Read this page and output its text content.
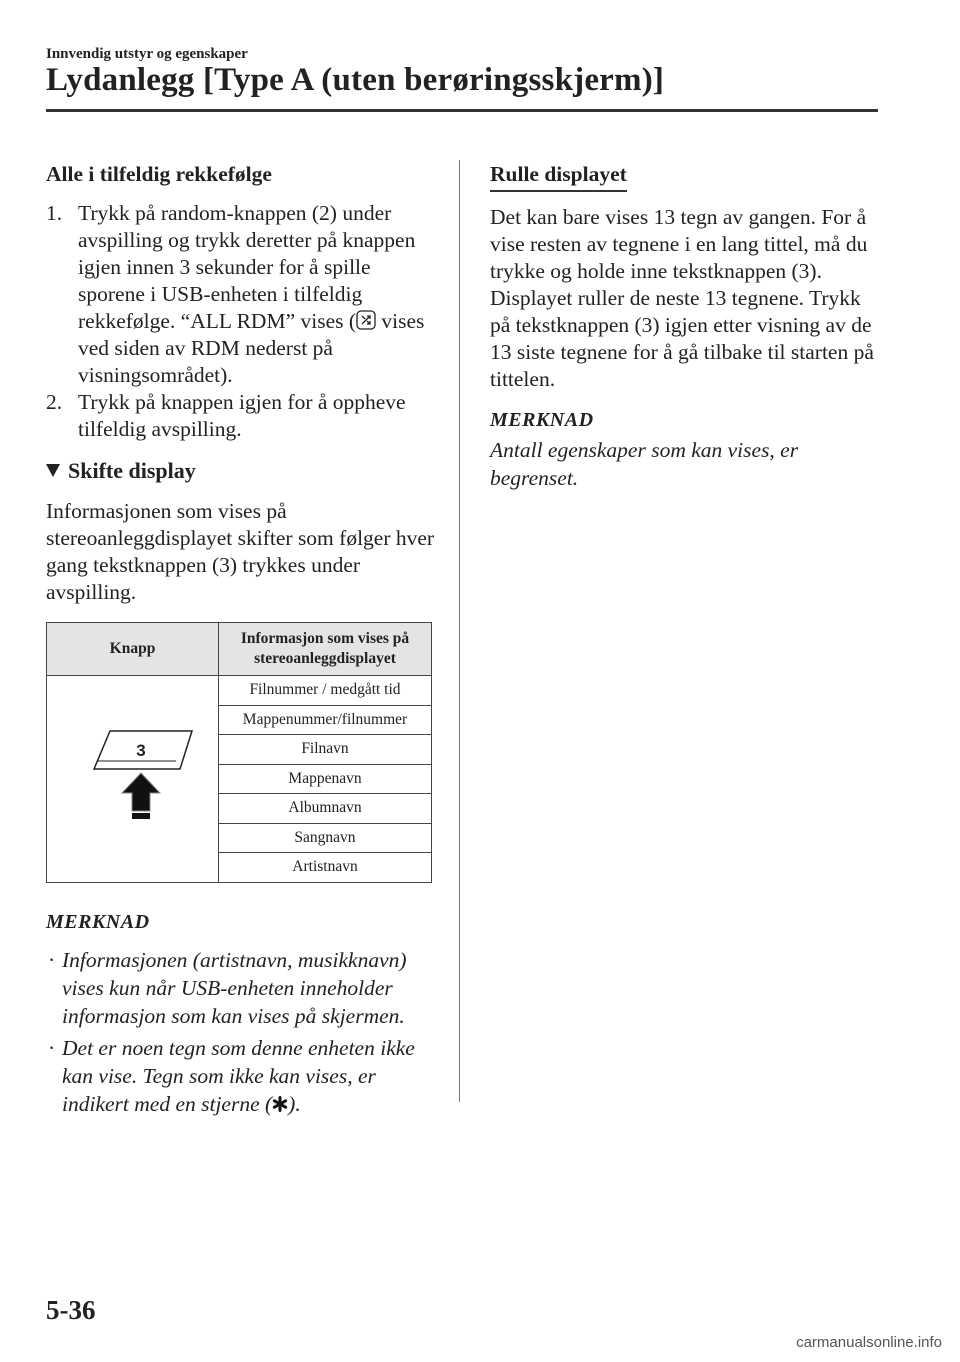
Innvendig utstyr og egenskaper
Lydanlegg [Type A (uten berøringsskjerm)]
Alle i tilfeldig rekkefølge
1. Trykk på random-knappen (2) under avspilling og trykk deretter på knappen igjen innen 3 sekunder for å spille sporene i USB-enheten i tilfeldig rekkefølge. “ALL RDM” vises ( vises ved siden av RDM nederst på visningsområdet).
2. Trykk på knappen igjen for å oppheve tilfeldig avspilling.
Skifte display

Informasjonen som vises på stereoanleggdisplayet skifter som følger hver gang tekstknappen (3) trykkes under avspilling.

Knapp	Informasjon som vises på stereoanleggdisplayet

3	Filnummer / medgått tid
	Mappenummer/filnummer
	Filnavn
	Mappenavn
	Albumnavn
	Sangnavn
	Artistnavn
MERKNAD
· Informasjonen (artistnavn, musikknavn) vises kun når USB-enheten inneholder informasjon som kan vises på skjermen.
· Det er noen tegn som denne enheten ikke kan vise. Tegn som ikke kan vises, er indikert med en stjerne ( ).
Rulle displayet

Det kan bare vises 13 tegn av gangen. For å vise resten av tegnene i en lang tittel, må du trykke og holde inne tekstknappen (3). Displayet ruller de neste 13 tegnene. Trykk på tekstknappen (3) igjen etter visning av de 13 siste tegnene for å gå tilbake til starten på tittelen.

MERKNAD
Antall egenskaper som kan vises, er begrenset.
5-36
carmanualsonline.info
